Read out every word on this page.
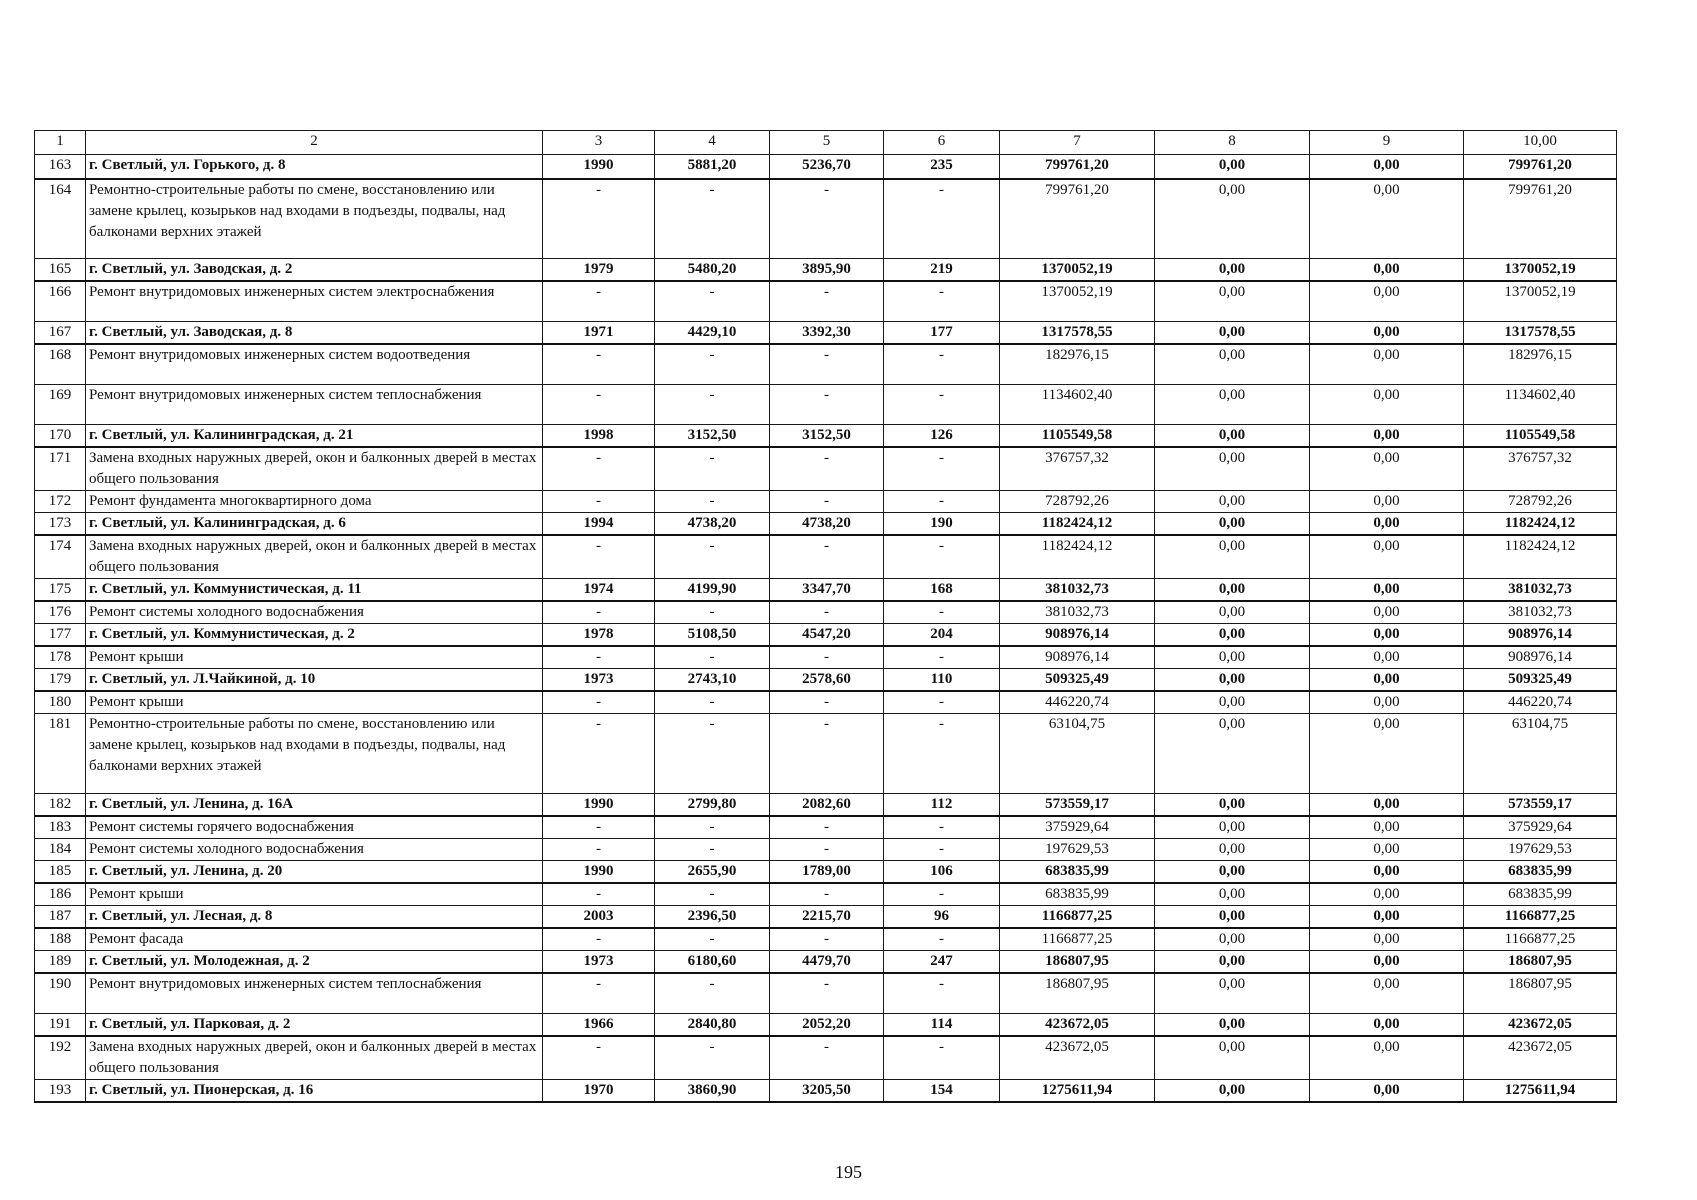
1	2	3	4	5	6	7	8	9	10,00
163	г. Светлый, ул. Горького, д. 8	1990	5881,20	5236,70	235	799761,20	0,00	0,00	799761,20
164	Ремонтно-строительные работы по смене, восстановлению или замене крылец, козырьков над входами в подъезды, подвалы, над балконами верхних этажей	-	-	-	-	799761,20	0,00	0,00	799761,20
165	г. Светлый, ул. Заводская, д. 2	1979	5480,20	3895,90	219	1370052,19	0,00	0,00	1370052,19
166	Ремонт внутридомовых инженерных систем электроснабжения	-	-	-	-	1370052,19	0,00	0,00	1370052,19
167	г. Светлый, ул. Заводская, д. 8	1971	4429,10	3392,30	177	1317578,55	0,00	0,00	1317578,55
168	Ремонт внутридомовых инженерных систем водоотведения	-	-	-	-	182976,15	0,00	0,00	182976,15
169	Ремонт внутридомовых инженерных систем теплоснабжения	-	-	-	-	1134602,40	0,00	0,00	1134602,40
170	г. Светлый, ул. Калининградская, д. 21	1998	3152,50	3152,50	126	1105549,58	0,00	0,00	1105549,58
171	Замена входных наружных дверей, окон и балконных дверей в местах общего пользования	-	-	-	-	376757,32	0,00	0,00	376757,32
172	Ремонт фундамента многоквартирного дома	-	-	-	-	728792,26	0,00	0,00	728792,26
173	г. Светлый, ул. Калининградская, д. 6	1994	4738,20	4738,20	190	1182424,12	0,00	0,00	1182424,12
174	Замена входных наружных дверей, окон и балконных дверей в местах общего пользования	-	-	-	-	1182424,12	0,00	0,00	1182424,12
175	г. Светлый, ул. Коммунистическая, д. 11	1974	4199,90	3347,70	168	381032,73	0,00	0,00	381032,73
176	Ремонт системы холодного водоснабжения	-	-	-	-	381032,73	0,00	0,00	381032,73
177	г. Светлый, ул. Коммунистическая, д. 2	1978	5108,50	4547,20	204	908976,14	0,00	0,00	908976,14
178	Ремонт крыши	-	-	-	-	908976,14	0,00	0,00	908976,14
179	г. Светлый, ул. Л.Чайкиной, д. 10	1973	2743,10	2578,60	110	509325,49	0,00	0,00	509325,49
180	Ремонт крыши	-	-	-	-	446220,74	0,00	0,00	446220,74
181	Ремонтно-строительные работы по смене, восстановлению или замене крылец, козырьков над входами в подъезды, подвалы, над балконами верхних этажей	-	-	-	-	63104,75	0,00	0,00	63104,75
182	г. Светлый, ул. Ленина, д. 16А	1990	2799,80	2082,60	112	573559,17	0,00	0,00	573559,17
183	Ремонт системы горячего водоснабжения	-	-	-	-	375929,64	0,00	0,00	375929,64
184	Ремонт системы холодного водоснабжения	-	-	-	-	197629,53	0,00	0,00	197629,53
185	г. Светлый, ул. Ленина, д. 20	1990	2655,90	1789,00	106	683835,99	0,00	0,00	683835,99
186	Ремонт крыши	-	-	-	-	683835,99	0,00	0,00	683835,99
187	г. Светлый, ул. Лесная, д. 8	2003	2396,50	2215,70	96	1166877,25	0,00	0,00	1166877,25
188	Ремонт фасада	-	-	-	-	1166877,25	0,00	0,00	1166877,25
189	г. Светлый, ул. Молодежная, д. 2	1973	6180,60	4479,70	247	186807,95	0,00	0,00	186807,95
190	Ремонт внутридомовых инженерных систем теплоснабжения	-	-	-	-	186807,95	0,00	0,00	186807,95
191	г. Светлый, ул. Парковая, д. 2	1966	2840,80	2052,20	114	423672,05	0,00	0,00	423672,05
192	Замена входных наружных дверей, окон и балконных дверей в местах общего пользования	-	-	-	-	423672,05	0,00	0,00	423672,05
193	г. Светлый, ул. Пионерская, д. 16	1970	3860,90	3205,50	154	1275611,94	0,00	0,00	1275611,94
195
